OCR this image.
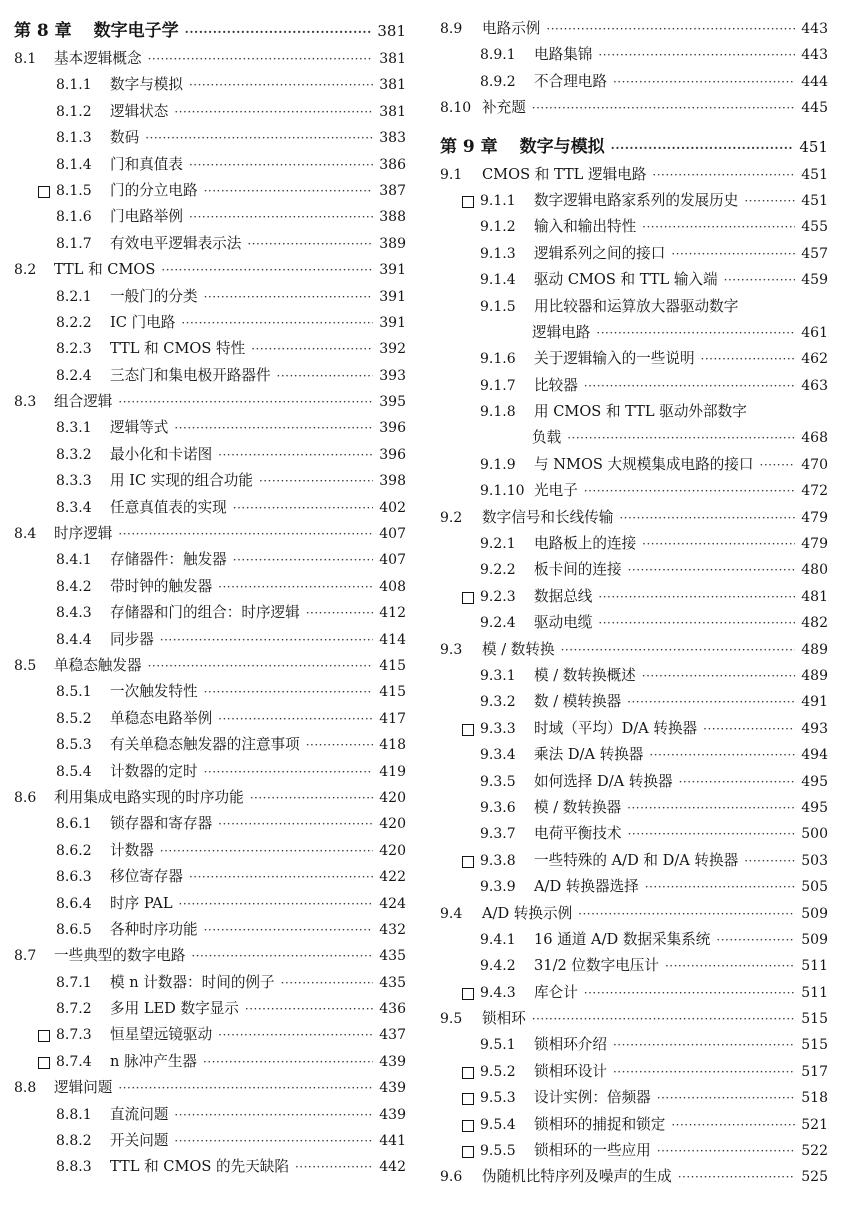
第 8 章 数字电子学 ·····	381
8.1	基本逻辑概念 ·····	381
8.1.1	数字与模拟 ·····	381
8.1.2	逻辑状态 ·····	381
8.1.3	数码 ·····	383
8.1.4	门和真值表 ·····	386
8.1.5	门的分立电路 ·····	387
8.1.6	门电路举例 ·····	388
8.1.7	有效电平逻辑表示法 ·····	389
8.2	TTL 和 CMOS ·····	391
8.2.1	一般门的分类 ·····	391
8.2.2	IC 门电路 ·····	391
8.2.3	TTL 和 CMOS 特性 ·····	392
8.2.4	三态门和集电极开路器件 ·····	393
8.3	组合逻辑 ·····	395
8.3.1	逻辑等式 ·····	396
8.3.2	最小化和卡诺图 ·····	396
8.3.3	用 IC 实现的组合功能 ·····	398
8.3.4	任意真值表的实现 ·····	402
8.4	时序逻辑 ·····	407
8.4.1	存储器件：触发器 ·····	407
8.4.2	带时钟的触发器 ·····	408
8.4.3	存储器和门的组合：时序逻辑 ·····	412
8.4.4	同步器 ·····	414
8.5	单稳态触发器 ·····	415
8.5.1	一次触发特性 ·····	415
8.5.2	单稳态电路举例 ·····	417
8.5.3	有关单稳态触发器的注意事项 ·····	418
8.5.4	计数器的定时 ·····	419
8.6	利用集成电路实现的时序功能 ·····	420
8.6.1	锁存器和寄存器 ·····	420
8.6.2	计数器 ·····	420
8.6.3	移位寄存器 ·····	422
8.6.4	时序 PAL ·····	424
8.6.5	各种时序功能 ·····	432
8.7	一些典型的数字电路 ·····	435
8.7.1	模 n 计数器：时间的例子 ·····	435
8.7.2	多用 LED 数字显示 ·····	436
8.7.3	恒星望远镜驱动 ·····	437
8.7.4	n 脉冲产生器 ·····	439
8.8	逻辑问题 ·····	439
8.8.1	直流问题 ·····	439
8.8.2	开关问题 ·····	441
8.8.3	TTL 和 CMOS 的先天缺陷 ·····	442
8.9	电路示例 ·····	443
8.9.1	电路集锦 ·····	443
8.9.2	不合理电路 ·····	444
8.10 补充题 ·····	445
第 9 章 数字与模拟 ·····	451
9.1	CMOS 和 TTL 逻辑电路 ·····	451
9.1.1	数字逻辑电路家系列的发展历史 ·····	451
9.1.2	输入和输出特性 ·····	455
9.1.3	逻辑系列之间的接口 ·····	457
9.1.4	驱动 CMOS 和 TTL 输入端 ·····	459
9.1.5	用比较器和运算放大器驱动数字
逻辑电路 ·····	461
9.1.6	关于逻辑输入的一些说明 ·····	462
9.1.7	比较器 ·····	463
9.1.8	用 CMOS 和 TTL 驱动外部数字
负载 ·····	468
9.1.9	与 NMOS 大规模集成电路的接口 ·····	470
9.1.10 光电子 ·····	472
9.2	数字信号和长线传输 ·····	479
9.2.1	电路板上的连接 ·····	479
9.2.2	板卡间的连接 ·····	480
9.2.3	数据总线 ·····	481
9.2.4	驱动电缆 ·····	482
9.3	模 / 数转换 ·····	489
9.3.1	模 / 数转换概述 ·····	489
9.3.2	数 / 模转换器 ·····	491
9.3.3	时域（平均）D/A 转换器 ·····	493
9.3.4	乘法 D/A 转换器 ·····	494
9.3.5	如何选择 D/A 转换器 ·····	495
9.3.6	模 / 数转换器 ·····	495
9.3.7	电荷平衡技术 ·····	500
9.3.8	一些特殊的 A/D 和 D/A 转换器 ·····	503
9.3.9	A/D 转换器选择 ·····	505
9.4	A/D 转换示例 ·····	509
9.4.1	16 通道 A/D 数据采集系统 ·····	509
9.4.2	31/2 位数字电压计 ·····	511
9.4.3	库仑计 ·····	511
9.5	锁相环 ·····	515
9.5.1	锁相环介绍 ·····	515
9.5.2	锁相环设计 ·····	517
9.5.3	设计实例：倍频器 ·····	518
9.5.4	锁相环的捕捉和锁定 ·····	521
9.5.5	锁相环的一些应用 ·····	522
9.6	伪随机比特序列及噪声的生成 ·····	525
